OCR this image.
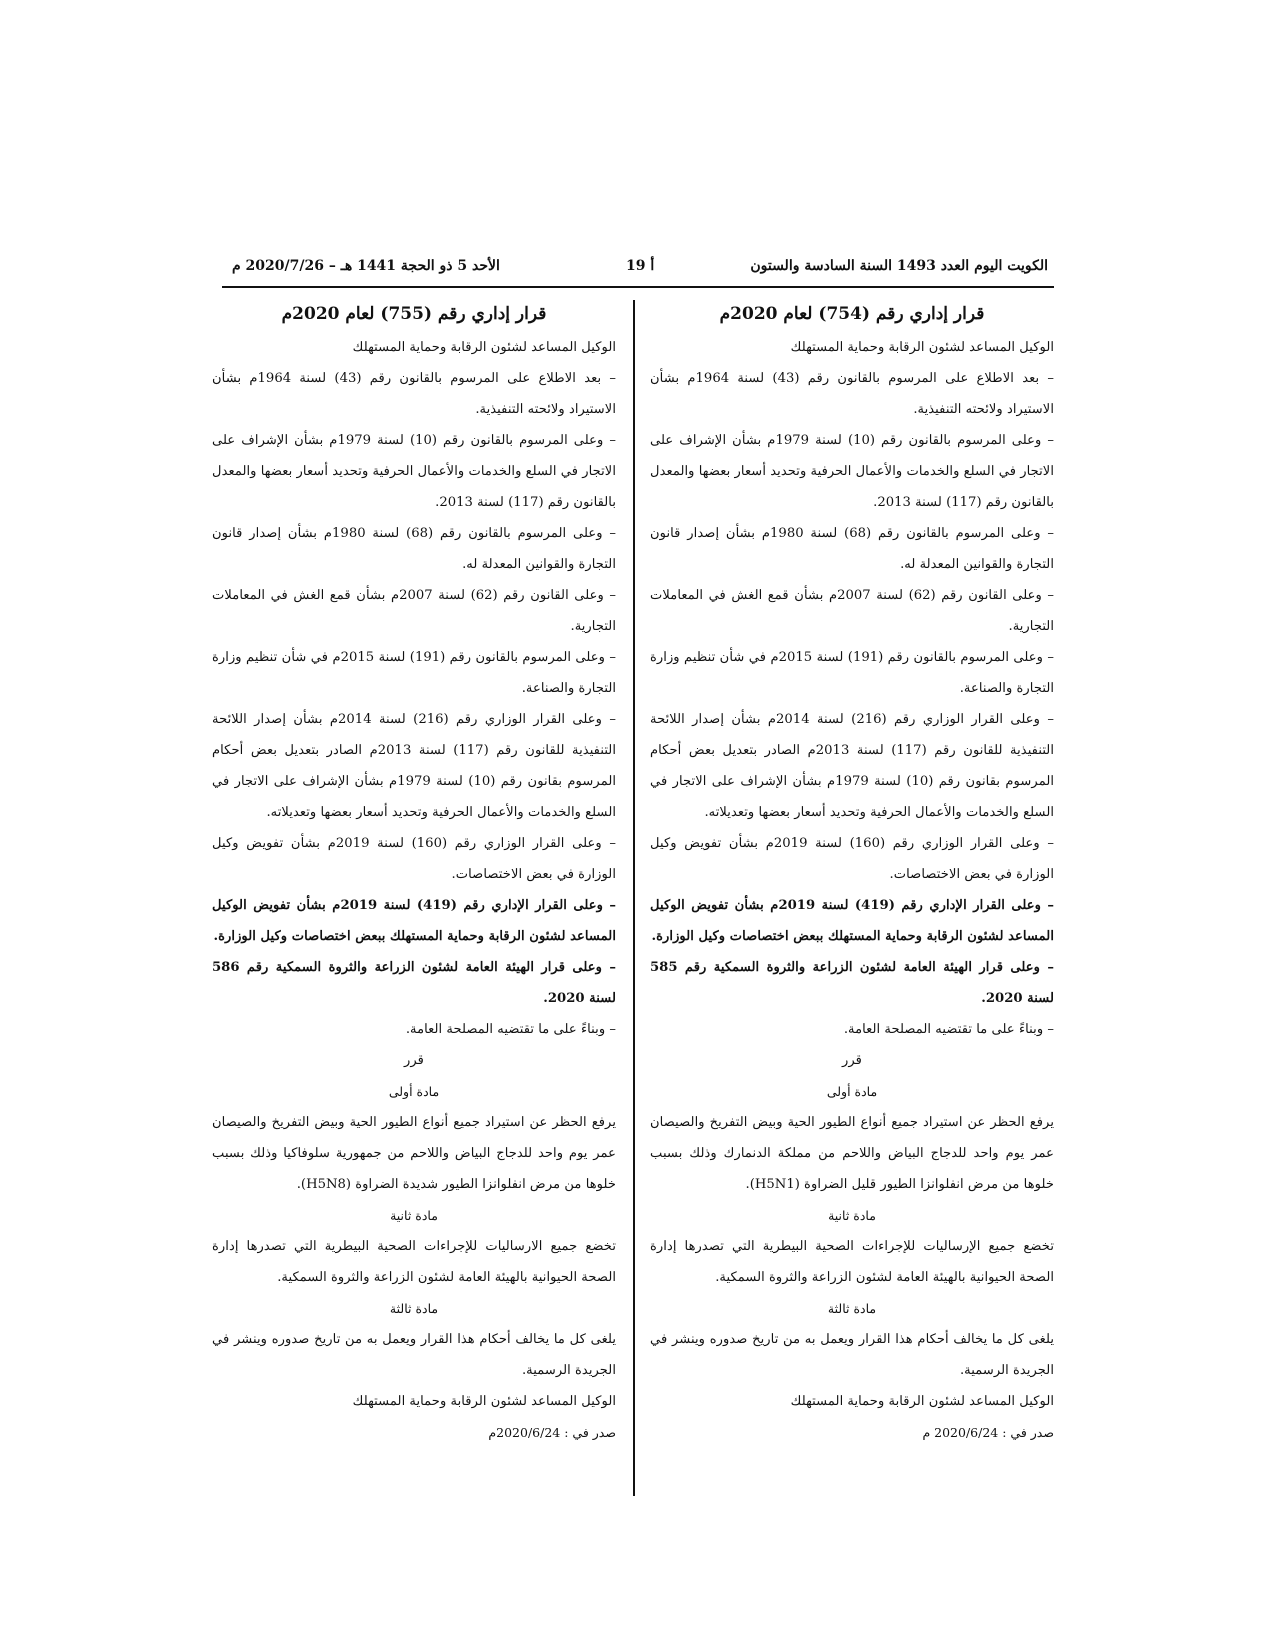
الكويت اليوم العدد 1493 السنة السادسة والستون
أ 19
الأحد 5 ذو الحجة 1441 هـ – 2020/7/26 م
قرار إداري رقم (754) لعام 2020م

الوكيل المساعد لشئون الرقابة وحماية المستهلك

– بعد الاطلاع على المرسوم بالقانون رقم (43) لسنة 1964م بشأن الاستيراد ولائحته التنفيذية.

– وعلى المرسوم بالقانون رقم (10) لسنة 1979م بشأن الإشراف على الاتجار في السلع والخدمات والأعمال الحرفية وتحديد أسعار بعضها والمعدل بالقانون رقم (117) لسنة 2013.

– وعلى المرسوم بالقانون رقم (68) لسنة 1980م بشأن إصدار قانون التجارة والقوانين المعدلة له.

– وعلى القانون رقم (62) لسنة 2007م بشأن قمع الغش في المعاملات التجارية.

– وعلى المرسوم بالقانون رقم (191) لسنة 2015م في شأن تنظيم وزارة التجارة والصناعة.

– وعلى القرار الوزاري رقم (216) لسنة 2014م بشأن إصدار اللائحة التنفيذية للقانون رقم (117) لسنة 2013م الصادر بتعديل بعض أحكام المرسوم بقانون رقم (10) لسنة 1979م بشأن الإشراف على الاتجار في السلع والخدمات والأعمال الحرفية وتحديد أسعار بعضها وتعديلاته.

– وعلى القرار الوزاري رقم (160) لسنة 2019م بشأن تفويض وكيل الوزارة في بعض الاختصاصات.

– وعلى القرار الإداري رقم (419) لسنة 2019م بشأن تفويض الوكيل المساعد لشئون الرقابة وحماية المستهلك ببعض اختصاصات وكيل الوزارة.

– وعلى قرار الهيئة العامة لشئون الزراعة والثروة السمكية رقم 585 لسنة 2020.

– وبناءً على ما تقتضيه المصلحة العامة.

قرر

مادة أولى

يرفع الحظر عن استيراد جميع أنواع الطيور الحية وبيض التفريخ والصيصان عمر يوم واحد للدجاج البياض واللاحم من مملكة الدنمارك وذلك بسبب خلوها من مرض انفلوانزا الطيور قليل الضراوة (H5N1).

مادة ثانية

تخضع جميع الإرساليات للإجراءات الصحية البيطرية التي تصدرها إدارة الصحة الحيوانية بالهيئة العامة لشئون الزراعة والثروة السمكية.

مادة ثالثة

يلغى كل ما يخالف أحكام هذا القرار ويعمل به من تاريخ صدوره وينشر في الجريدة الرسمية.

الوكيل المساعد لشئون الرقابة وحماية المستهلك

صدر في : 2020/6/24 م

قرار إداري رقم (755) لعام 2020م

الوكيل المساعد لشئون الرقابة وحماية المستهلك

– بعد الاطلاع على المرسوم بالقانون رقم (43) لسنة 1964م بشأن الاستيراد ولائحته التنفيذية.

– وعلى المرسوم بالقانون رقم (10) لسنة 1979م بشأن الإشراف على الاتجار في السلع والخدمات والأعمال الحرفية وتحديد أسعار بعضها والمعدل بالقانون رقم (117) لسنة 2013.

– وعلى المرسوم بالقانون رقم (68) لسنة 1980م بشأن إصدار قانون التجارة والقوانين المعدلة له.

– وعلى القانون رقم (62) لسنة 2007م بشأن قمع الغش في المعاملات التجارية.

– وعلى المرسوم بالقانون رقم (191) لسنة 2015م في شأن تنظيم وزارة التجارة والصناعة.

– وعلى القرار الوزاري رقم (216) لسنة 2014م بشأن إصدار اللائحة التنفيذية للقانون رقم (117) لسنة 2013م الصادر بتعديل بعض أحكام المرسوم بقانون رقم (10) لسنة 1979م بشأن الإشراف على الاتجار في السلع والخدمات والأعمال الحرفية وتحديد أسعار بعضها وتعديلاته.

– وعلى القرار الوزاري رقم (160) لسنة 2019م بشأن تفويض وكيل الوزارة في بعض الاختصاصات.

– وعلى القرار الإداري رقم (419) لسنة 2019م بشأن تفويض الوكيل المساعد لشئون الرقابة وحماية المستهلك ببعض اختصاصات وكيل الوزارة.

– وعلى قرار الهيئة العامة لشئون الزراعة والثروة السمكية رقم 586 لسنة 2020.

– وبناءً على ما تقتضيه المصلحة العامة.

قرر

مادة أولى

يرفع الحظر عن استيراد جميع أنواع الطيور الحية وبيض التفريخ والصيصان عمر يوم واحد للدجاج البياض واللاحم من جمهورية سلوفاكيا وذلك بسبب خلوها من مرض انفلوانزا الطيور شديدة الضراوة (H5N8).

مادة ثانية

تخضع جميع الارساليات للإجراءات الصحية البيطرية التي تصدرها إدارة الصحة الحيوانية بالهيئة العامة لشئون الزراعة والثروة السمكية.

مادة ثالثة

يلغى كل ما يخالف أحكام هذا القرار ويعمل به من تاريخ صدوره وينشر في الجريدة الرسمية.

الوكيل المساعد لشئون الرقابة وحماية المستهلك

صدر في : 2020/6/24م
